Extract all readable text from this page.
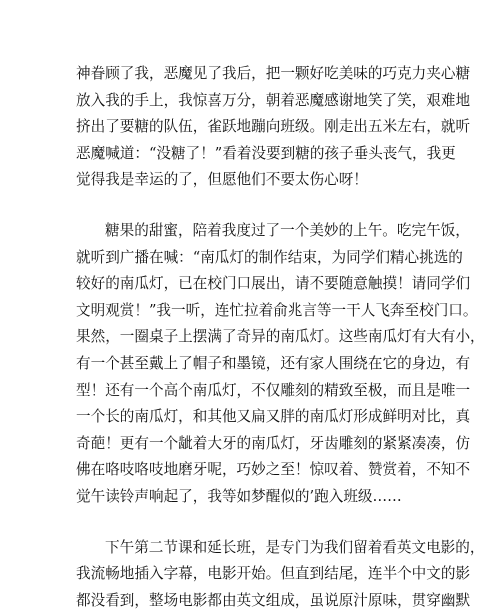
神眷顾了我，恶魔见了我后，把一颗好吃美味的巧克力夹心糖
放入我的手上，我惊喜万分，朝着恶魔感谢地笑了笑，艰难地
挤出了要糖的队伍，雀跃地蹦向班级。刚走出五米左右，就听
恶魔喊道：“没糖了！”看着没要到糖的孩子垂头丧气，我更
觉得我是幸运的了，但愿他们不要太伤心呀！
糖果的甜蜜，陪着我度过了一个美妙的上午。吃完午饭，
就听到广播在喊：“南瓜灯的制作结束，为同学们精心挑选的
较好的南瓜灯，已在校门口展出，请不要随意触摸！请同学们
文明观赏！”我一听，连忙拉着俞兆言等一干人飞奔至校门口。
果然，一圈桌子上摆满了奇异的南瓜灯。这些南瓜灯有大有小，
有一个甚至戴上了帽子和墨镜，还有家人围绕在它的身边，有
型！还有一个高个南瓜灯，不仅雕刻的精致至极，而且是唯一
一个长的南瓜灯，和其他又扁又胖的南瓜灯形成鲜明对比，真
奇葩！更有一个龇着大牙的南瓜灯，牙齿雕刻的紧紧凑凑，仿
佛在咯吱咯吱地磨牙呢，巧妙之至！惊叹着、赞赏着，不知不
觉午读铃声响起了，我等如梦醒似的’跑入班级……
下午第二节课和延长班，是专门为我们留着看英文电影的，
我流畅地插入字幕，电影开始。但直到结尾，连半个中文的影
都没看到，整场电影都由英文组成，虽说原汁原味，贯穿幽默
